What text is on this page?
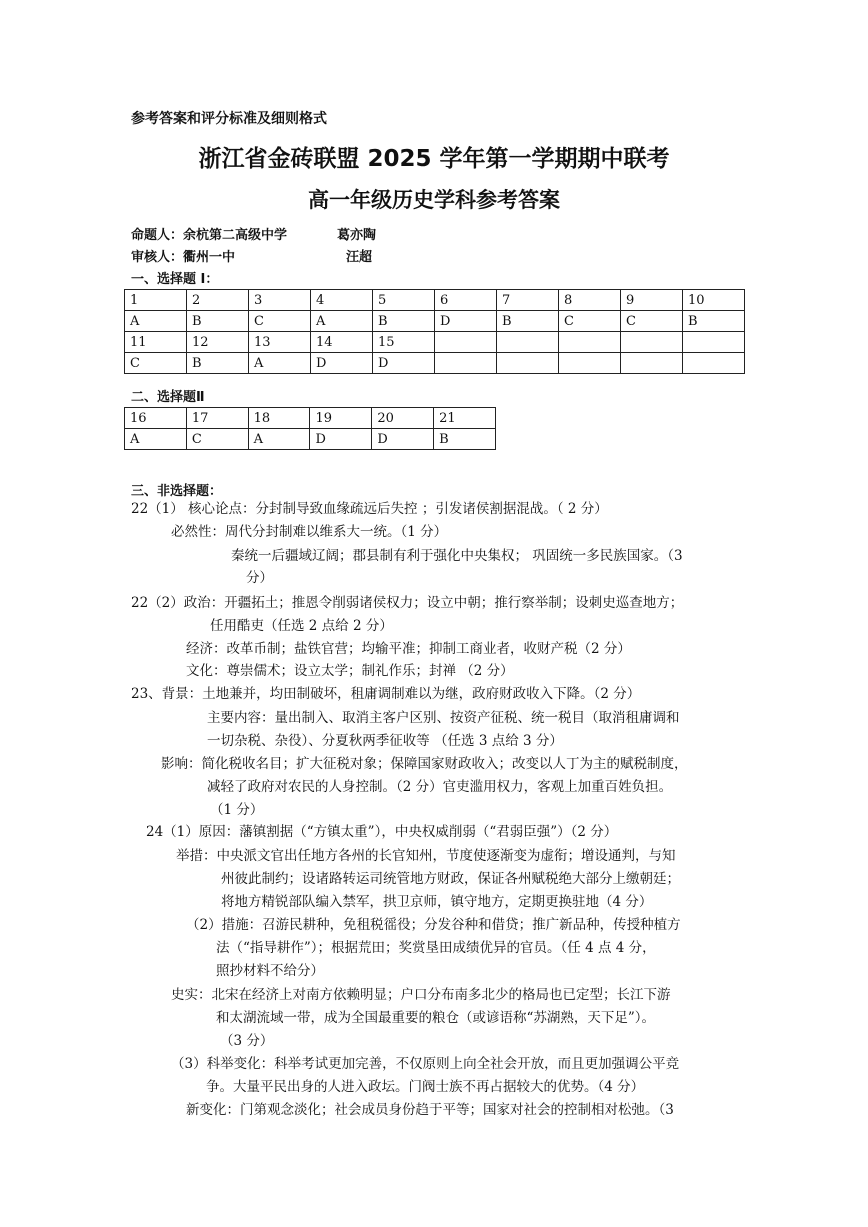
参考答案和评分标准及细则格式
浙江省金砖联盟 2025 学年第一学期期中联考
高一年级历史学科参考答案
命题人：余杭第二高级中学	葛亦陶
审核人：衢州一中	汪超
一、选择题 I：
1	2	3	4	5	6	7	8	9	10
A	B	C	A	B	D	B	C	C	B
11	12	13	14	15					
C	B	A	D	D					
二、选择题Ⅱ
16	17	18	19	20	21
A	C	A	D	D	B
三、非选择题：
22（1） 核心论点：分封制导致血缘疏远后失控 ；引发诸侯割据混战。（ 2 分）
必然性：周代分封制难以维系大一统。（1 分）
秦统一后疆域辽阔；郡县制有利于强化中央集权； 巩固统一多民族国家。（3
分）
22（2）政治：开疆拓土；推恩令削弱诸侯权力；设立中朝；推行察举制；设刺史巡查地方；
任用酷吏（任选 2 点给 2 分）
经济：改革币制；盐铁官营；均输平准；抑制工商业者，收财产税（2 分）
文化：尊崇儒术；设立太学；制礼作乐；封禅 （2 分）
23、背景：土地兼并，均田制破坏，租庸调制难以为继，政府财政收入下降。（2 分）
主要内容：量出制入、取消主客户区别、按资产征税、统一税目（取消租庸调和
一切杂税、杂役）、分夏秋两季征收等 （任选 3 点给 3 分）
影响：简化税收名目；扩大征税对象；保障国家财政收入；改变以人丁为主的赋税制度，
减轻了政府对农民的人身控制。（2 分）官吏滥用权力，客观上加重百姓负担。
（1 分）
24（1）原因：藩镇割据（“方镇太重”），中央权威削弱（“君弱臣强”）（2 分）
举措：中央派文官出任地方各州的长官知州，节度使逐渐变为虚衔；增设通判，与知
州彼此制约；设诸路转运司统管地方财政，保证各州赋税绝大部分上缴朝廷；
将地方精锐部队编入禁军，拱卫京师，镇守地方，定期更换驻地（4 分）
（2）措施：召游民耕种，免租税徭役；分发谷种和借贷；推广新品种，传授种植方
法（“指导耕作”）；根据荒田；奖赏垦田成绩优异的官员。（任 4 点 4 分，
照抄材料不给分）
史实：北宋在经济上对南方依赖明显；户口分布南多北少的格局也已定型；长江下游
和太湖流域一带，成为全国最重要的粮仓（或谚语称“苏湖熟，天下足”）。
（3 分）
（3）科举变化：科举考试更加完善，不仅原则上向全社会开放，而且更加强调公平竞
争。大量平民出身的人进入政坛。门阀士族不再占据较大的优势。（4 分）
新变化：门第观念淡化；社会成员身份趋于平等；国家对社会的控制相对松弛。（3
